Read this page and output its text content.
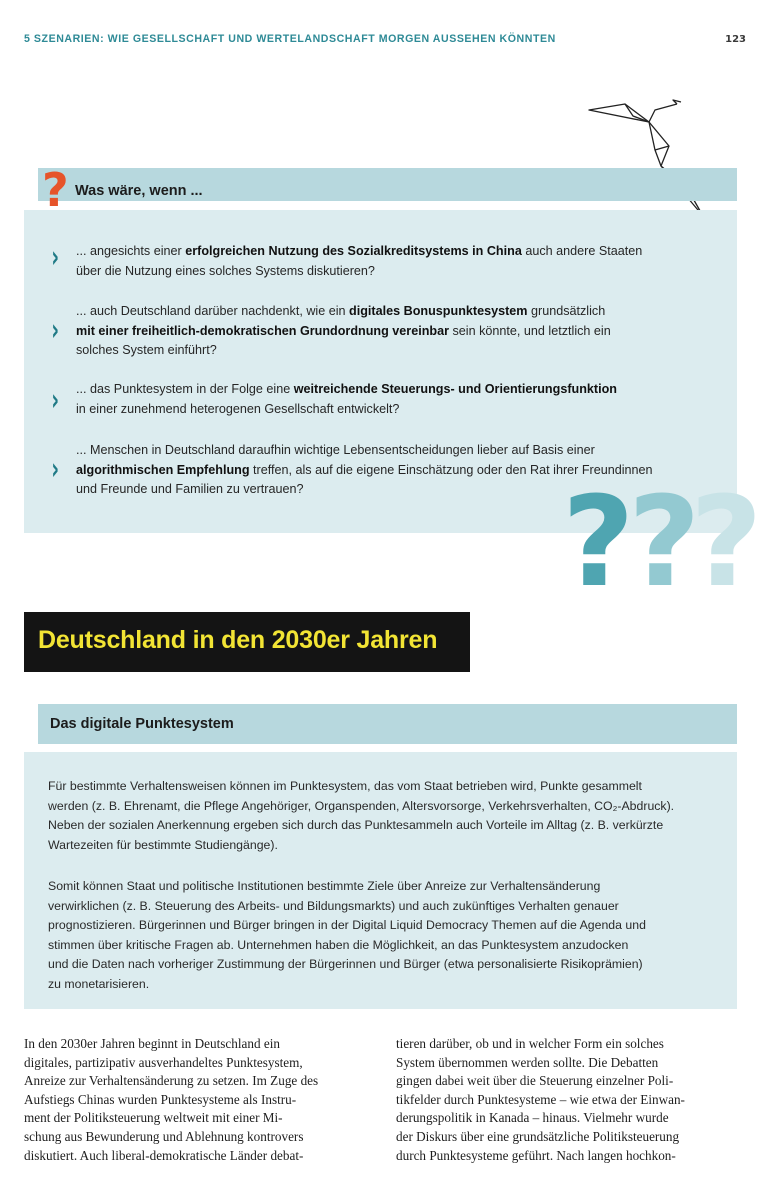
5 SZENARIEN: WIE GESELLSCHAFT UND WERTELANDSCHAFT MORGEN AUSSEHEN KÖNNTEN	123
? Was wäre, wenn ...
› ... angesichts einer erfolgreichen Nutzung des Sozialkreditsystems in China auch andere Staaten
über die Nutzung eines solches Systems diskutieren?
›
... auch Deutschland darüber nachdenkt, wie ein digitales Bonuspunktesystem grundsätzlich
mit einer freiheitlich-demokratischen Grundordnung vereinbar sein könnte, und letztlich ein
solches System einführt?
› ... das Punktesystem in der Folge eine weitreichende Steuerungs- und Orientierungsfunktion
in einer zunehmend heterogenen Gesellschaft entwickelt?
›
... Menschen in Deutschland daraufhin wichtige Lebensentscheidungen lieber auf Basis einer
algorithmischen Empfehlung treffen, als auf die eigene Einschätzung oder den Rat ihrer Freundinnen
und Freunde und Familien zu vertrauen?	?
?
?
Deutschland in den 2030er Jahren
Das digitale Punktesystem

Für bestimmte Verhaltensweisen können im Punktesystem, das vom Staat betrieben wird, Punkte gesammelt
werden (z. B. Ehrenamt, die Pflege Angehöriger, Organspenden, Altersvorsorge, Verkehrsverhalten, CO₂-Abdruck).
Neben der sozialen Anerkennung ergeben sich durch das Punktesammeln auch Vorteile im Alltag (z. B. verkürzte
Wartezeiten für bestimmte Studiengänge).

Somit können Staat und politische Institutionen bestimmte Ziele über Anreize zur Verhaltensänderung
verwirklichen (z. B. Steuerung des Arbeits- und Bildungsmarkts) und auch zukünftiges Verhalten genauer
prognostizieren. Bürgerinnen und Bürger bringen in der Digital Liquid Democracy Themen auf die Agenda und
stimmen über kritische Fragen ab. Unternehmen haben die Möglichkeit, an das Punktesystem anzudocken
und die Daten nach vorheriger Zustimmung der Bürgerinnen und Bürger (etwa personalisierte Risikoprämien)
zu monetarisieren.

In den 2030er Jahren beginnt in Deutschland ein
digitales, partizipativ ausverhandeltes Punktesystem,
Anreize zur Verhaltensänderung zu setzen. Im Zuge des
Aufstiegs Chinas wurden Punktesysteme als Instru-
ment der Politiksteuerung weltweit mit einer Mi-
schung aus Bewunderung und Ablehnung kontrovers
diskutiert. Auch liberal-demokratische Länder debat-

tieren darüber, ob und in welcher Form ein solches
System übernommen werden sollte. Die Debatten
gingen dabei weit über die Steuerung einzelner Poli-
tikfelder durch Punktesysteme – wie etwa der Einwan-
derungspolitik in Kanada – hinaus. Vielmehr wurde
der Diskurs über eine grundsätzliche Politiksteuerung
durch Punktesysteme geführt. Nach langen hochkon-
